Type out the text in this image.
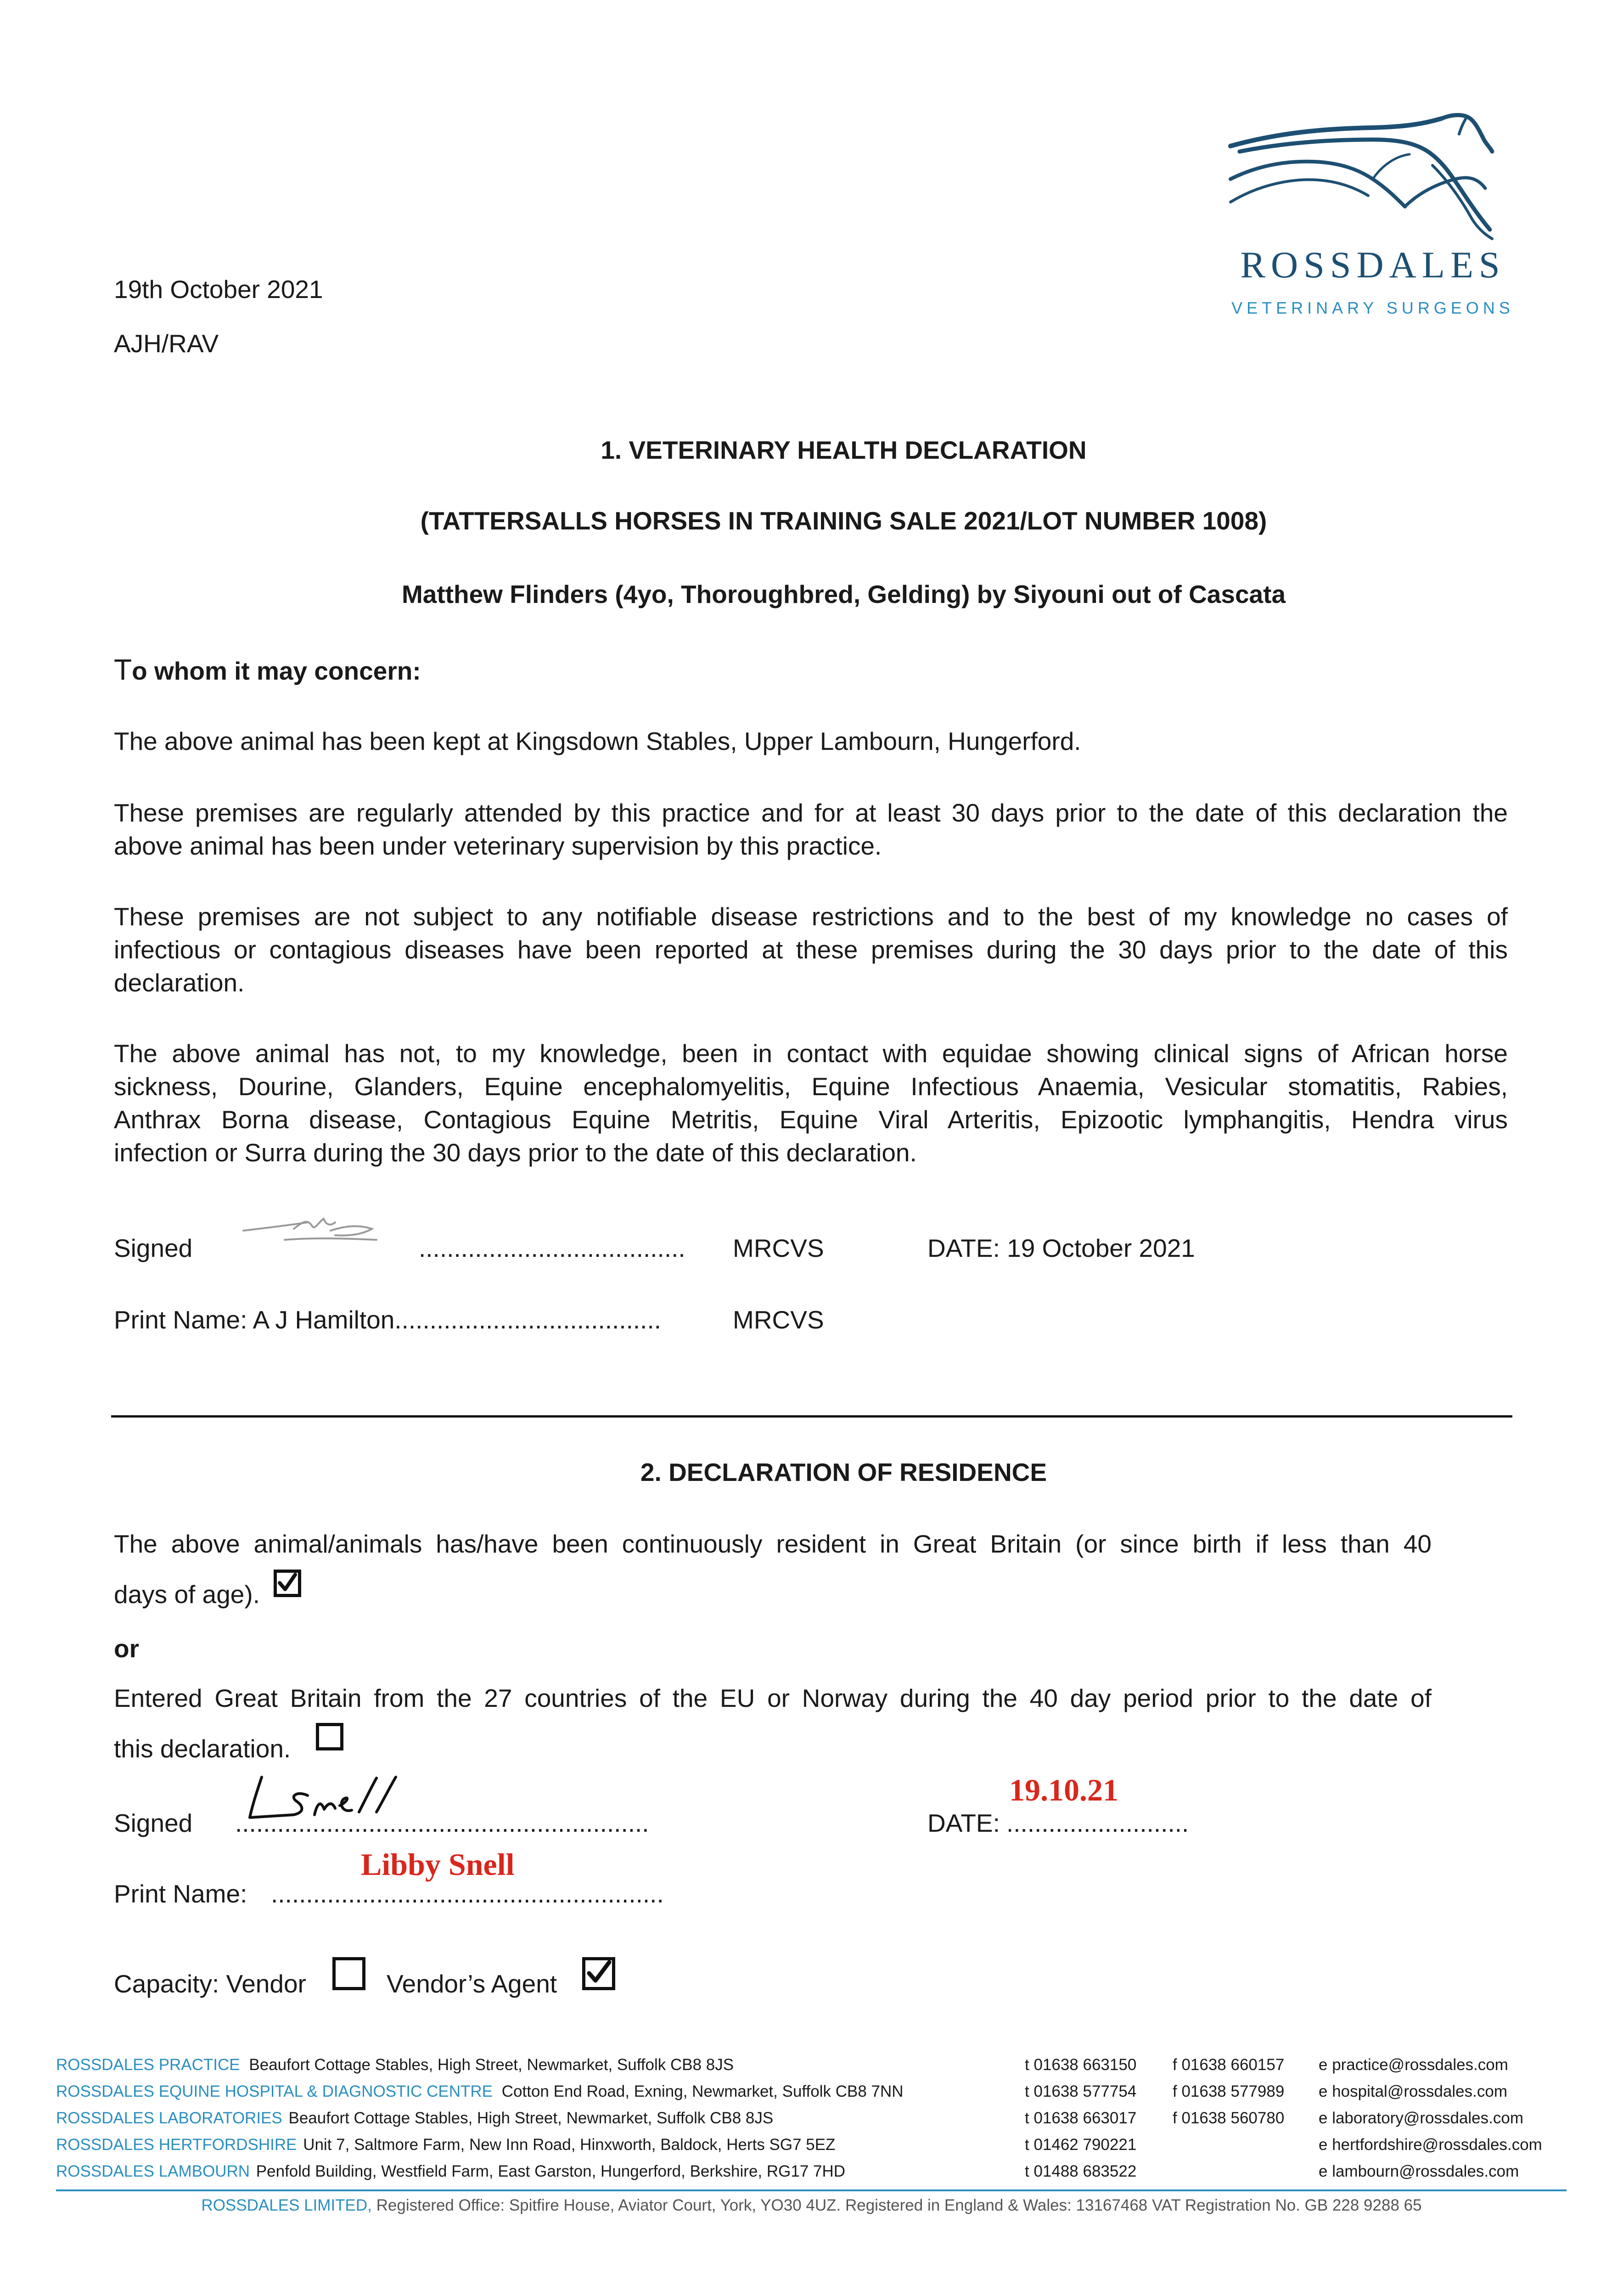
19th October 2021
AJH/RAV
ROSSDALES
VETERINARY SURGEONS
1. VETERINARY HEALTH DECLARATION
(TATTERSALLS HORSES IN TRAINING SALE 2021/LOT NUMBER 1008)
Matthew Flinders (4yo, Thoroughbred, Gelding) by Siyouni out of Cascata
To whom it may concern:
The above animal has been kept at Kingsdown Stables, Upper Lambourn, Hungerford.
These premises are regularly attended by this practice and for at least 30 days prior to the date of this declaration the
above animal has been under veterinary supervision by this practice.
These premises are not subject to any notifiable disease restrictions and to the best of my knowledge no cases of
infectious or contagious diseases have been reported at these premises during the 30 days prior to the date of this
declaration.
The above animal has not, to my knowledge, been in contact with equidae showing clinical signs of African horse
sickness, Dourine, Glanders, Equine encephalomyelitis, Equine Infectious Anaemia, Vesicular stomatitis, Rabies,
Anthrax Borna disease, Contagious Equine Metritis, Equine Viral Arteritis, Epizootic lymphangitis, Hendra virus
infection or Surra during the 30 days prior to the date of this declaration.
Signed	...................................... MRCVS	DATE: 19 October 2021
Print Name: A J Hamilton......................................	MRCVS
2. DECLARATION OF RESIDENCE
The above animal/animals has/have been continuously resident in Great Britain (or since birth if less than 40
days of age).
or
Entered Great Britain from the 27 countries of the EU or Norway during the 40 day period prior to the date of
this declaration.
Signed ...........................................................
19.10.21
DATE: ..........................
Libby Snell
Print Name: ........................................................
Capacity: Vendor	Vendor’s Agent
ROSSDALES PRACTICE Beaufort Cottage Stables, High Street, Newmarket, Suffolk CB8 8JS	t 01638 663150 f 01638 660157 e practice@rossdales.com
ROSSDALES EQUINE HOSPITAL & DIAGNOSTIC CENTRE Cotton End Road, Exning, Newmarket, Suffolk CB8 7NN	t 01638 577754 f 01638 577989 e hospital@rossdales.com
ROSSDALES LABORATORIES Beaufort Cottage Stables, High Street, Newmarket, Suffolk CB8 8JS	t 01638 663017 f 01638 560780 e laboratory@rossdales.com
ROSSDALES HERTFORDSHIRE Unit 7, Saltmore Farm, New Inn Road, Hinxworth, Baldock, Herts SG7 5EZ	t 01462 790221	e hertfordshire@rossdales.com
ROSSDALES LAMBOURN Penfold Building, Westfield Farm, East Garston, Hungerford, Berkshire, RG17 7HD	t 01488 683522	e lambourn@rossdales.com
ROSSDALES LIMITED, Registered Office: Spitfire House, Aviator Court, York, YO30 4UZ. Registered in England & Wales: 13167468 VAT Registration No. GB 228 9288 65
